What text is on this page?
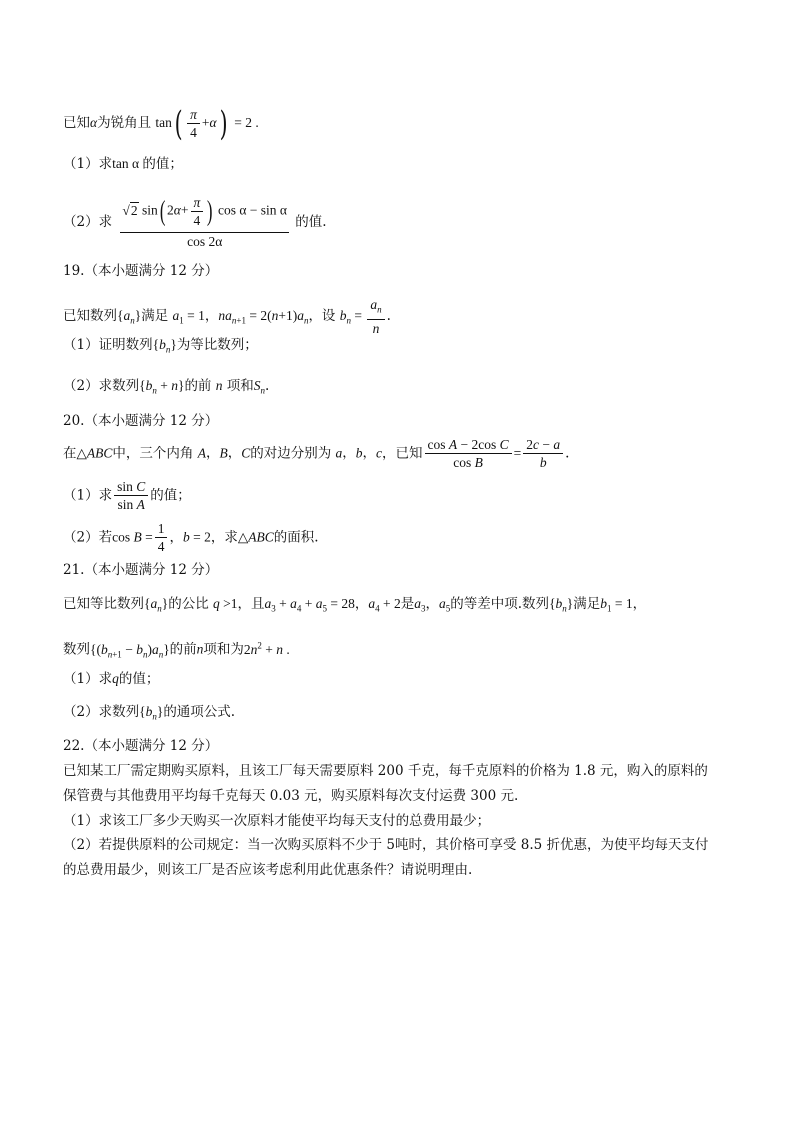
已知α为锐角且 $\tan( \frac{\pi}{4} +\alpha) = 2$ .
（1）求tan α 的值；
（2）求 $\frac{√2 \sin( 2\alpha+ \frac{\pi}{4} ) \cos \alpha - \sin \alpha}{\cos 2\alpha}$ 的值.
19.（本小题满分 12 分）
已知数列$\{a_n\}$满足 $a_1 = 1$，$na_{n+1} = 2(n+1)a_n$，设 $b_n = \frac{a_n}{n}$ .
（1）证明数列$\{b_n\}$为等比数列；
（2）求数列$\{b_n + n\}$的前 n 项和$S_n$.
20.（本小题满分 12 分）
在△ABC中，三个内角 A，B，C的对边分别为 a，b，c，已知 $\frac{\text{cos A − 2cos C}}{\text{cos B}} = \frac{2c - a}{b}$ .
（1）求 $\frac{\text{sin C}}{\text{sin A}}$ 的值；
（2）若$\cos B = \frac{1}{4}$ ，b = 2，求△ABC的面积.
21.（本小题满分 12 分）
已知等比数列$\{a_n\}$的公比 q >1，且$a_3 + a_4 + a_5 = 28$，$a_4 + 2$是$a_3$，$a_5$的等差中项.数列$\{b_n\}$满足$b_1 = 1$，
数列$\{(b_{n+1} - b_n)a_n\}$的前n项和为$2n^2 + n$ .
（1）求q的值；
（2）求数列$\{b_n\}$的通项公式.
22.（本小题满分 12 分）
已知某工厂需定期购买原料，且该工厂每天需要原料 200 千克，每千克原料的价格为 1.8 元，购入的原料的
保管费与其他费用平均每千克每天 0.03 元，购买原料每次支付运费 300 元.
（1）求该工厂多少天购买一次原料才能使平均每天支付的总费用最少；
（2）若提供原料的公司规定：当一次购买原料不少于 5吨时，其价格可享受 8.5 折优惠，为使平均每天支付
的总费用最少，则该工厂是否应该考虑利用此优惠条件？请说明理由.
